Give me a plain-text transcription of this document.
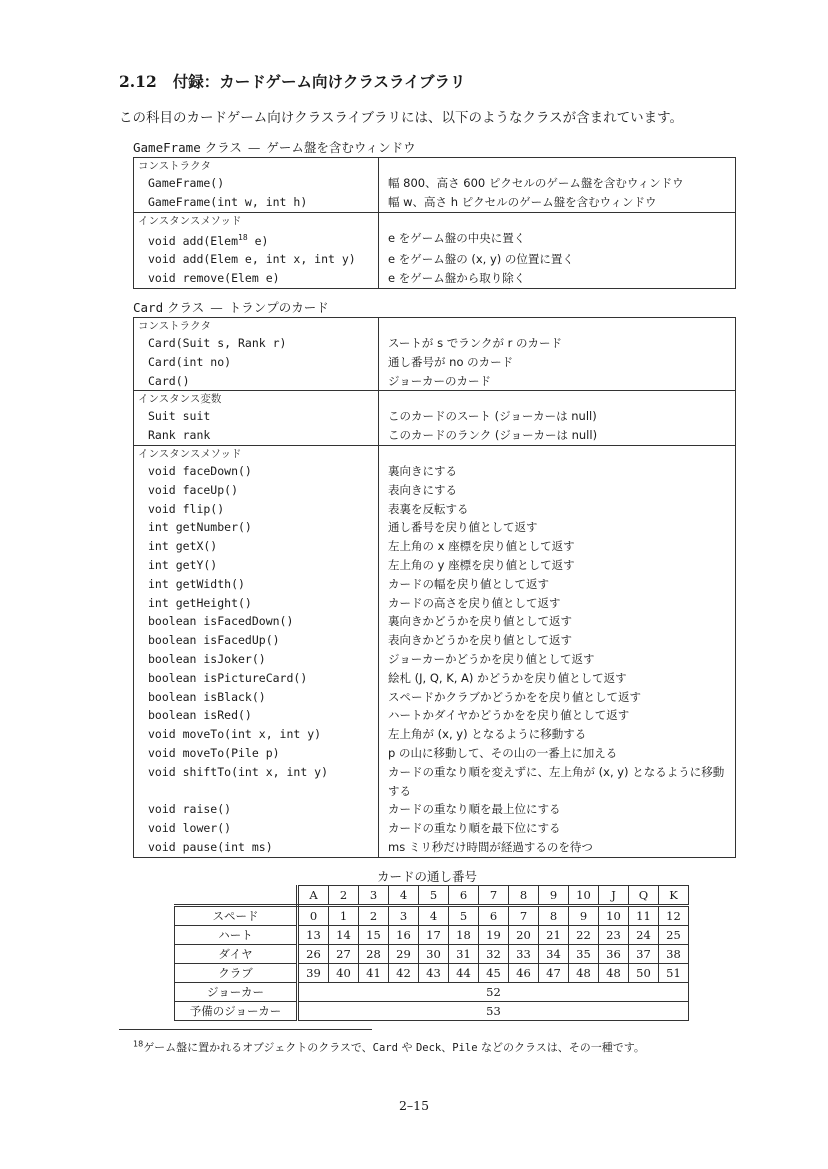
2.12 付録：カードゲーム向けクラスライブラリ
この科目のカードゲーム向けクラスライブラリには、以下のようなクラスが含まれています。
GameFrame クラス — ゲーム盤を含むウィンドウ
コンストラクタ	
GameFrame()	幅 800、高さ 600 ピクセルのゲーム盤を含むウィンドウ
GameFrame(int w, int h)	幅 w、高さ h ピクセルのゲーム盤を含むウィンドウ
インスタンスメソッド	
void add(Elem$^{18}$ e)	e をゲーム盤の中央に置く
void add(Elem e, int x, int y)	e をゲーム盤の (x, y) の位置に置く
void remove(Elem e)	e をゲーム盤から取り除く
Card クラス — トランプのカード
コンストラクタ	
Card(Suit s, Rank r)	スートが s でランクが r のカード
Card(int no)	通し番号が no のカード
Card()	ジョーカーのカード
インスタンス変数	
Suit suit	このカードのスート (ジョーカーは null)
Rank rank	このカードのランク (ジョーカーは null)
インスタンスメソッド	
void faceDown()	裏向きにする
void faceUp()	表向きにする
void flip()	表裏を反転する
int getNumber()	通し番号を戻り値として返す
int getX()	左上角の x 座標を戻り値として返す
int getY()	左上角の y 座標を戻り値として返す
int getWidth()	カードの幅を戻り値として返す
int getHeight()	カードの高さを戻り値として返す
boolean isFacedDown()	裏向きかどうかを戻り値として返す
boolean isFacedUp()	表向きかどうかを戻り値として返す
boolean isJoker()	ジョーカーかどうかを戻り値として返す
boolean isPictureCard()	絵札 (J, Q, K, A) かどうかを戻り値として返す
boolean isBlack()	スペードかクラブかどうかをを戻り値として返す
boolean isRed()	ハートかダイヤかどうかをを戻り値として返す
void moveTo(int x, int y)	左上角が (x, y) となるように移動する
void moveTo(Pile p)	p の山に移動して、その山の一番上に加える
void shiftTo(int x, int y)	カードの重なり順を変えずに、左上角が (x, y) となるように移動する
void raise()	カードの重なり順を最上位にする
void lower()	カードの重なり順を最下位にする
void pause(int ms)	ms ミリ秒だけ時間が経過するのを待つ
カードの通し番号
	A	2	3	4	5	6	7	8	9	10	J	Q	K
スペード	0	1	2	3	4	5	6	7	8	9	10	11	12
ハート	13	14	15	16	17	18	19	20	21	22	23	24	25
ダイヤ	26	27	28	29	30	31	32	33	34	35	36	37	38
クラブ	39	40	41	42	43	44	45	46	47	48	48	50	51
ジョーカー	52												
予備のジョーカー	53												
$^{18}$ゲーム盤に置かれるオブジェクトのクラスで、Card や Deck、Pile などのクラスは、その一種です。
2–15
